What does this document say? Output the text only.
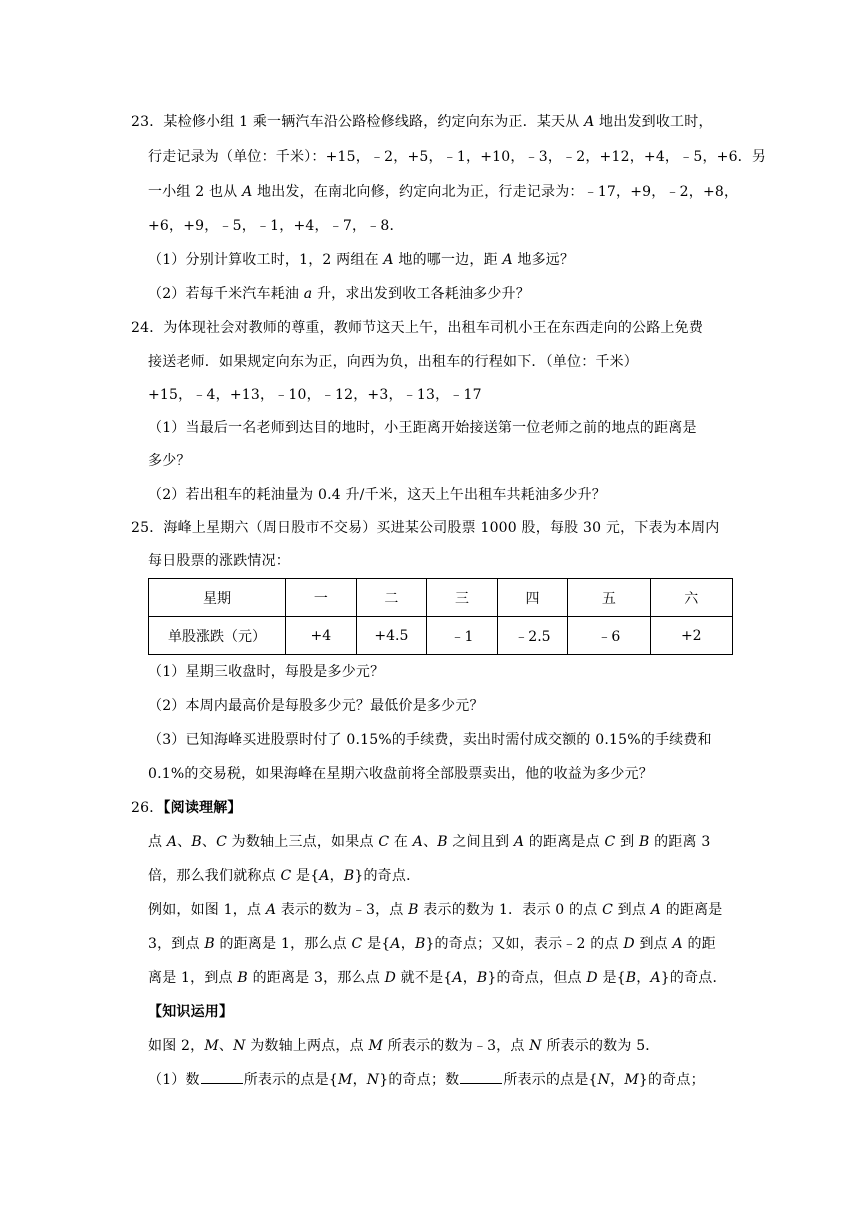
23．某检修小组 1 乘一辆汽车沿公路检修线路，约定向东为正．某天从 A 地出发到收工时，
行走记录为（单位：千米）：+15，﹣2，+5，﹣1，+10，﹣3，﹣2，+12，+4，﹣5，+6．另
一小组 2 也从 A 地出发，在南北向修，约定向北为正，行走记录为：﹣17，+9，﹣2，+8，
+6，+9，﹣5，﹣1，+4，﹣7，﹣8．
（1）分别计算收工时，1，2 两组在 A 地的哪一边，距 A 地多远？
（2）若每千米汽车耗油 a 升，求出发到收工各耗油多少升？
24．为体现社会对教师的尊重，教师节这天上午，出租车司机小王在东西走向的公路上免费
接送老师．如果规定向东为正，向西为负，出租车的行程如下．（单位：千米）
+15，﹣4，+13，﹣10，﹣12，+3，﹣13，﹣17
（1）当最后一名老师到达目的地时，小王距离开始接送第一位老师之前的地点的距离是
多少？
（2）若出租车的耗油量为 0.4 升/千米，这天上午出租车共耗油多少升？
25．海峰上星期六（周日股市不交易）买进某公司股票 1000 股，每股 30 元，下表为本周内
每日股票的涨跌情况：
星期	一	二	三	四	五	六
单股涨跌（元）	+4	+4.5	﹣1	﹣2.5	﹣6	+2
（1）星期三收盘时，每股是多少元？
（2）本周内最高价是每股多少元？最低价是多少元？
（3）已知海峰买进股票时付了 0.15%的手续费，卖出时需付成交额的 0.15%的手续费和
0.1%的交易税，如果海峰在星期六收盘前将全部股票卖出，他的收益为多少元？
26．【阅读理解】
点 A、B、C 为数轴上三点，如果点 C 在 A、B 之间且到 A 的距离是点 C 到 B 的距离 3
倍，那么我们就称点 C 是{A，B}的奇点．
例如，如图 1，点 A 表示的数为﹣3，点 B 表示的数为 1．表示 0 的点 C 到点 A 的距离是
3，到点 B 的距离是 1，那么点 C 是{A，B}的奇点；又如，表示﹣2 的点 D 到点 A 的距
离是 1，到点 B 的距离是 3，那么点 D 就不是{A，B}的奇点，但点 D 是{B，A}的奇点．
【知识运用】
如图 2，M、N 为数轴上两点，点 M 所表示的数为﹣3，点 N 所表示的数为 5．
（1）数	所表示的点是{M，N}的奇点；数	所表示的点是{N，M}的奇点；
